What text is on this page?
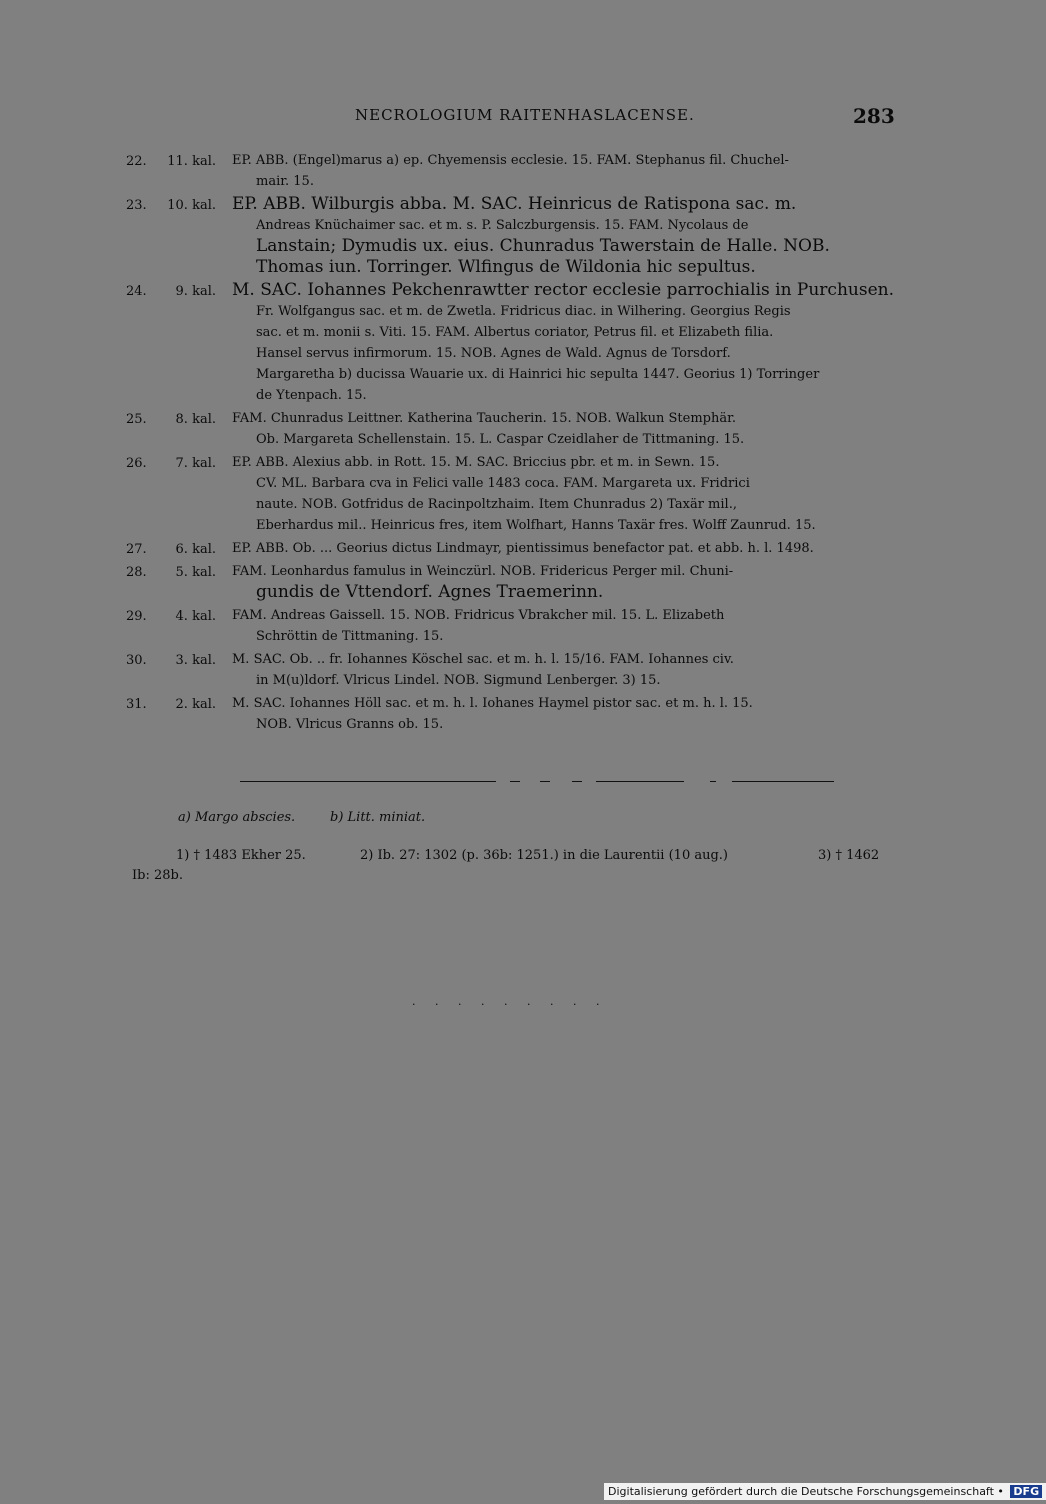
NECROLOGIUM RAITENHASLACENSE.	283
22.	11. kal. EP. ABB. (Engel)marus a) ep. Chyemensis ecclesie. 15. FAM. Stephanus fil. Chuchel-
mair. 15.
23.	10. kal. EP. ABB. Wilburgis abba. M. SAC. Heinricus de Ratispona sac. m.
Andreas Knüchaimer sac. et m. s. P. Salczburgensis. 15. FAM. Nycolaus de
Lanstain; Dymudis ux. eius. Chunradus Tawerstain de Halle. NOB.
Thomas iun. Torringer. Wlfingus de Wildonia hic sepultus.
24.	9. kal. M. SAC. Iohannes Pekchenrawtter rector ecclesie parrochialis in Purchusen.
Fr. Wolfgangus sac. et m. de Zwetla. Fridricus diac. in Wilhering. Georgius Regis
sac. et m. monii s. Viti. 15. FAM. Albertus coriator, Petrus fil. et Elizabeth filia.
Hansel servus infirmorum. 15. NOB. Agnes de Wald. Agnus de Torsdorf.
Margaretha b) ducissa Wauarie ux. di Hainrici hic sepulta 1447. Georius 1) Torringer
de Ytenpach. 15.
25.	8. kal. FAM. Chunradus Leittner. Katherina Taucherin. 15. NOB. Walkun Stemphär.
Ob. Margareta Schellenstain. 15. L. Caspar Czeidlaher de Tittmaning. 15.
26.	7. kal. EP. ABB. Alexius abb. in Rott. 15. M. SAC. Briccius pbr. et m. in Sewn. 15.
CV. ML. Barbara cva in Felici valle 1483 coca. FAM. Margareta ux. Fridrici
naute. NOB. Gotfridus de Racinpoltzhaim. Item Chunradus 2) Taxär mil.,
Eberhardus mil.. Heinricus fres, item Wolfhart, Hanns Taxär fres. Wolff Zaunrud. 15.
27.	6. kal. EP. ABB. Ob. ... Georius dictus Lindmayr, pientissimus benefactor pat. et abb. h. l. 1498.
28.	5. kal. FAM. Leonhardus famulus in Weinczürl. NOB. Fridericus Perger mil. Chuni-
gundis de Vttendorf. Agnes Traemerinn.
29.	4. kal. FAM. Andreas Gaissell. 15. NOB. Fridricus Vbrakcher mil. 15. L. Elizabeth
Schröttin de Tittmaning. 15.
30.	3. kal. M. SAC. Ob. .. fr. Iohannes Köschel sac. et m. h. l. 15/16. FAM. Iohannes civ.
in M(u)ldorf. Vlricus Lindel. NOB. Sigmund Lenberger. 3) 15.
31.	2. kal. M. SAC. Iohannes Höll sac. et m. h. l. Iohanes Haymel pistor sac. et m. h. l. 15.
NOB. Vlricus Granns ob. 15.
a) Margo abscies.	b) Litt. miniat.
1) † 1483 Ekher 25.	2) Ib. 27: 1302 (p. 36b: 1251.) in die Laurentii (10 aug.)	3) † 1462
Ib: 28b.
· · · · · · · · ·
Digitalisierung gefördert durch die Deutsche Forschungsgemeinschaft • DFG
